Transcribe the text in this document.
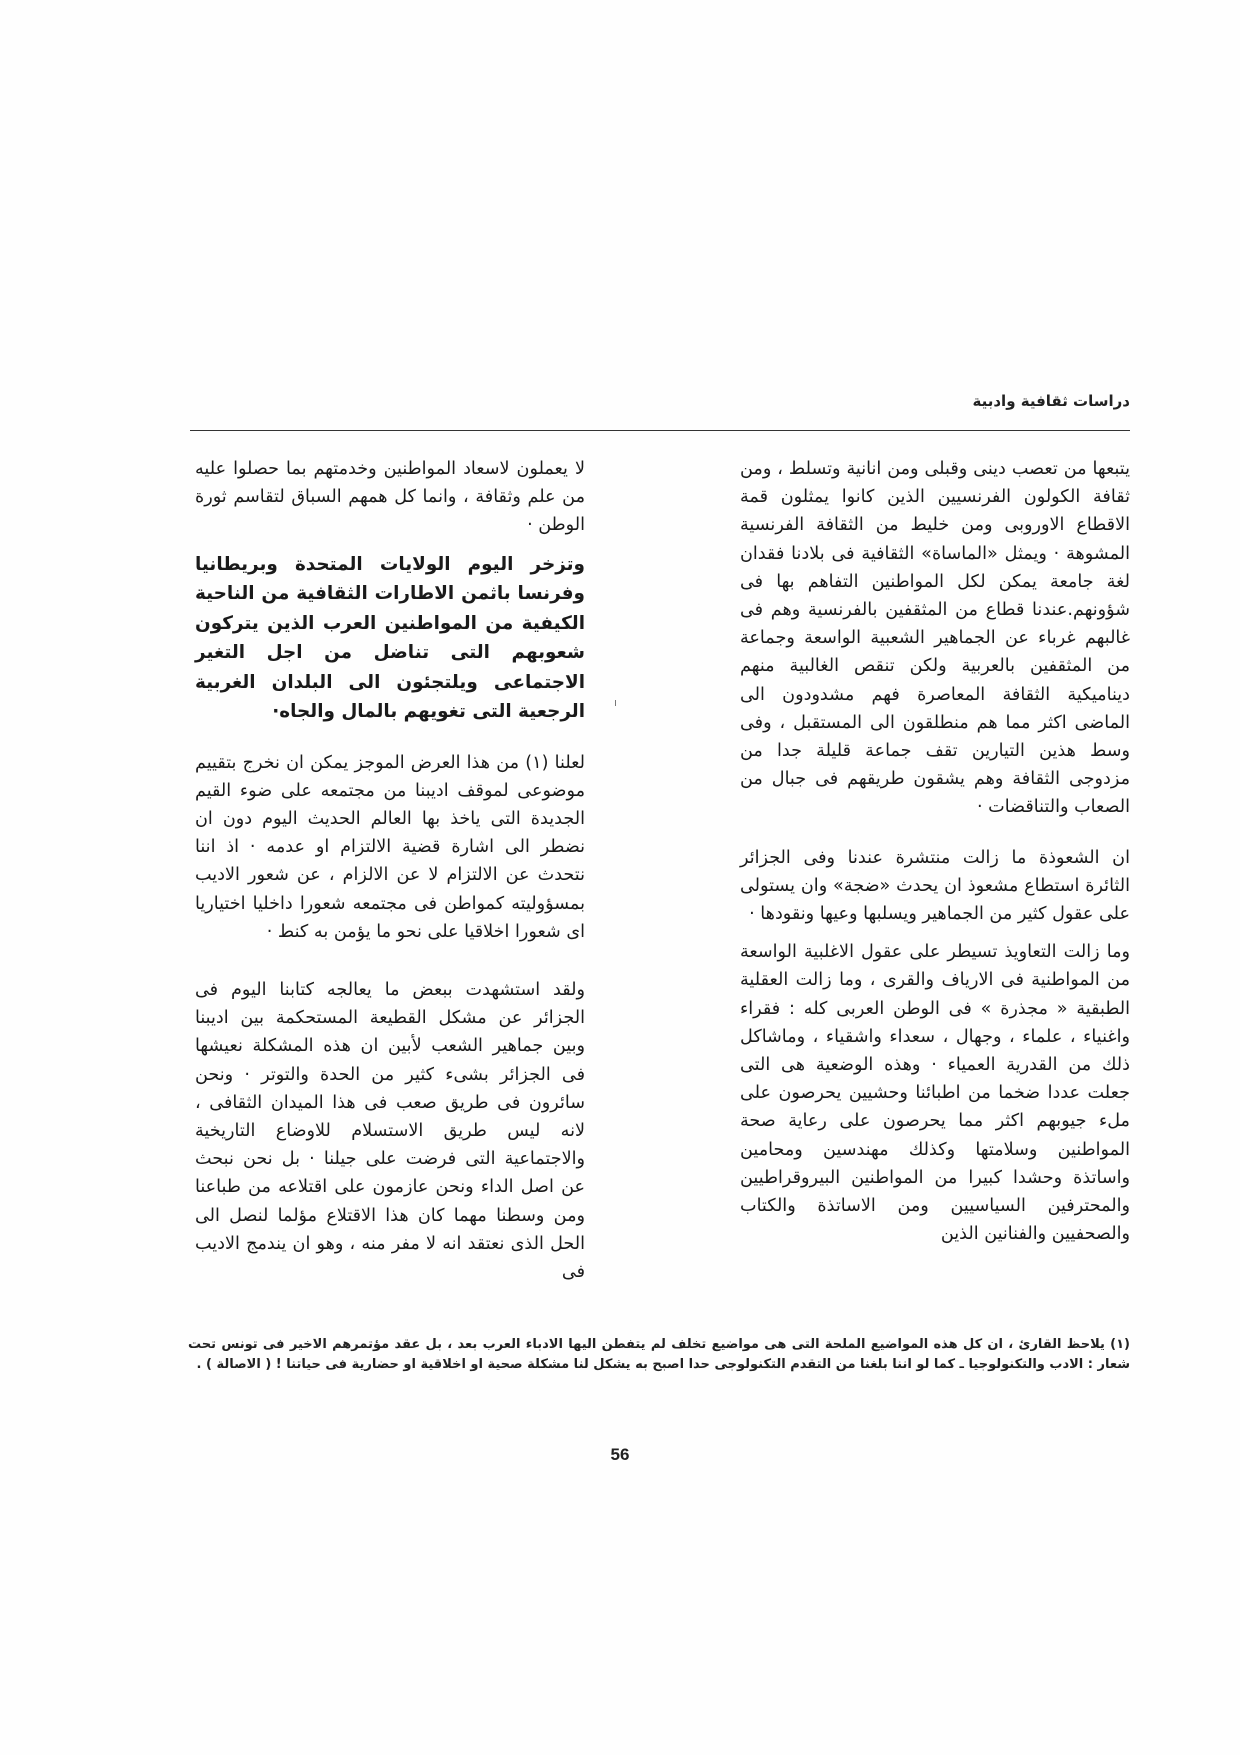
دراسات ثقافية وادبية

يتبعها من تعصب دينى وقبلى ومن انانية وتسلط ، ومن ثقافة الكولون الفرنسيين الذين كانوا يمثلون قمة الاقطاع الاوروبى ومن خليط من الثقافة الفرنسية المشوهة · ويمثل «الماساة» الثقافية فى بلادنا فقدان لغة جامعة يمكن لكل المواطنين التفاهم بها فى شؤونهم.عندنا قطاع من المثقفين بالفرنسية وهم فى غالبهم غرباء عن الجماهير الشعبية الواسعة وجماعة من المثقفين بالعربية ولكن تنقص الغالبية منهم ديناميكية الثقافة المعاصرة فهم مشدودون الى الماضى اكثر مما هم منطلقون الى المستقبل ، وفى وسط هذين التيارين تقف جماعة قليلة جدا من مزدوجى الثقافة وهم يشقون طريقهم فى جبال من الصعاب والتناقضات ·

ان الشعوذة ما زالت منتشرة عندنا وفى الجزائر الثائرة استطاع مشعوذ ان يحدث «ضجة» وان يستولى على عقول كثير من الجماهير ويسلبها وعيها ونقودها ·

وما زالت التعاويذ تسيطر على عقول الاغلبية الواسعة من المواطنية فى الارياف والقرى ، وما زالت العقلية الطبقية « مجذرة » فى الوطن العربى كله : فقراء واغنياء ، علماء ، وجهال ، سعداء واشقياء ، وماشاكل ذلك من القدرية العمياء · وهذه الوضعية هى التى جعلت عددا ضخما من اطبائنا وحشيين يحرصون على ملء جيوبهم اكثر مما يحرصون على رعاية صحة المواطنين وسلامتها وكذلك مهندسين ومحامين واساتذة وحشدا كبيرا من المواطنين البيروقراطيين والمحترفين السياسيين ومن الاساتذة والكتاب والصحفيين والفنانين الذين

لا يعملون لاسعاد المواطنين وخدمتهم بما حصلوا عليه من علم وثقافة ، وانما كل همهم السباق لتقاسم ثورة الوطن ·

وتزخر اليوم الولايات المتحدة وبريطانيا وفرنسا باثمن الاطارات الثقافية من الناحية الكيفية من المواطنين العرب الذين يتركون شعوبهم التى تناضل من اجل التغير الاجتماعى ويلتجئون الى البلدان الغربية الرجعية التى تغويهم بالمال والجاه·

لعلنا (١) من هذا العرض الموجز يمكن ان نخرج بتقييم موضوعى لموقف اديبنا من مجتمعه على ضوء القيم الجديدة التى ياخذ بها العالم الحديث اليوم دون ان نضطر الى اشارة قضية الالتزام او عدمه · اذ اننا نتحدث عن الالتزام لا عن الالزام ، عن شعور الاديب بمسؤوليته كمواطن فى مجتمعه شعورا داخليا اختياريا اى شعورا اخلاقيا على نحو ما يؤمن به كنط ·

ولقد استشهدت ببعض ما يعالجه كتابنا اليوم فى الجزائر عن مشكل القطيعة المستحكمة بين اديبنا وبين جماهير الشعب لأبين ان هذه المشكلة نعيشها فى الجزائر بشىء كثير من الحدة والتوتر · ونحن سائرون فى طريق صعب فى هذا الميدان الثقافى ، لانه ليس طريق الاستسلام للاوضاع التاريخية والاجتماعية التى فرضت على جيلنا · بل نحن نبحث عن اصل الداء ونحن عازمون على اقتلاعه من طباعنا ومن وسطنا مهما كان هذا الاقتلاع مؤلما لنصل الى الحل الذى نعتقد انه لا مفر منه ، وهو ان يندمج الاديب فى

(١) يلاحظ القارئ ، ان كل هذه المواضيع الملحة التى هى مواضيع تخلف لم يتفطن اليها الادباء العرب بعد ، بل عقد مؤتمرهم الاخير فى تونس تحت شعار : الادب والتكنولوجيا ـ كما لو اننا بلغنا من التقدم التكنولوجى حدا اصبح به يشكل لنا مشكلة صحية او اخلاقية او حضارية فى حياتنا ! ( الاصالة ) .
56
